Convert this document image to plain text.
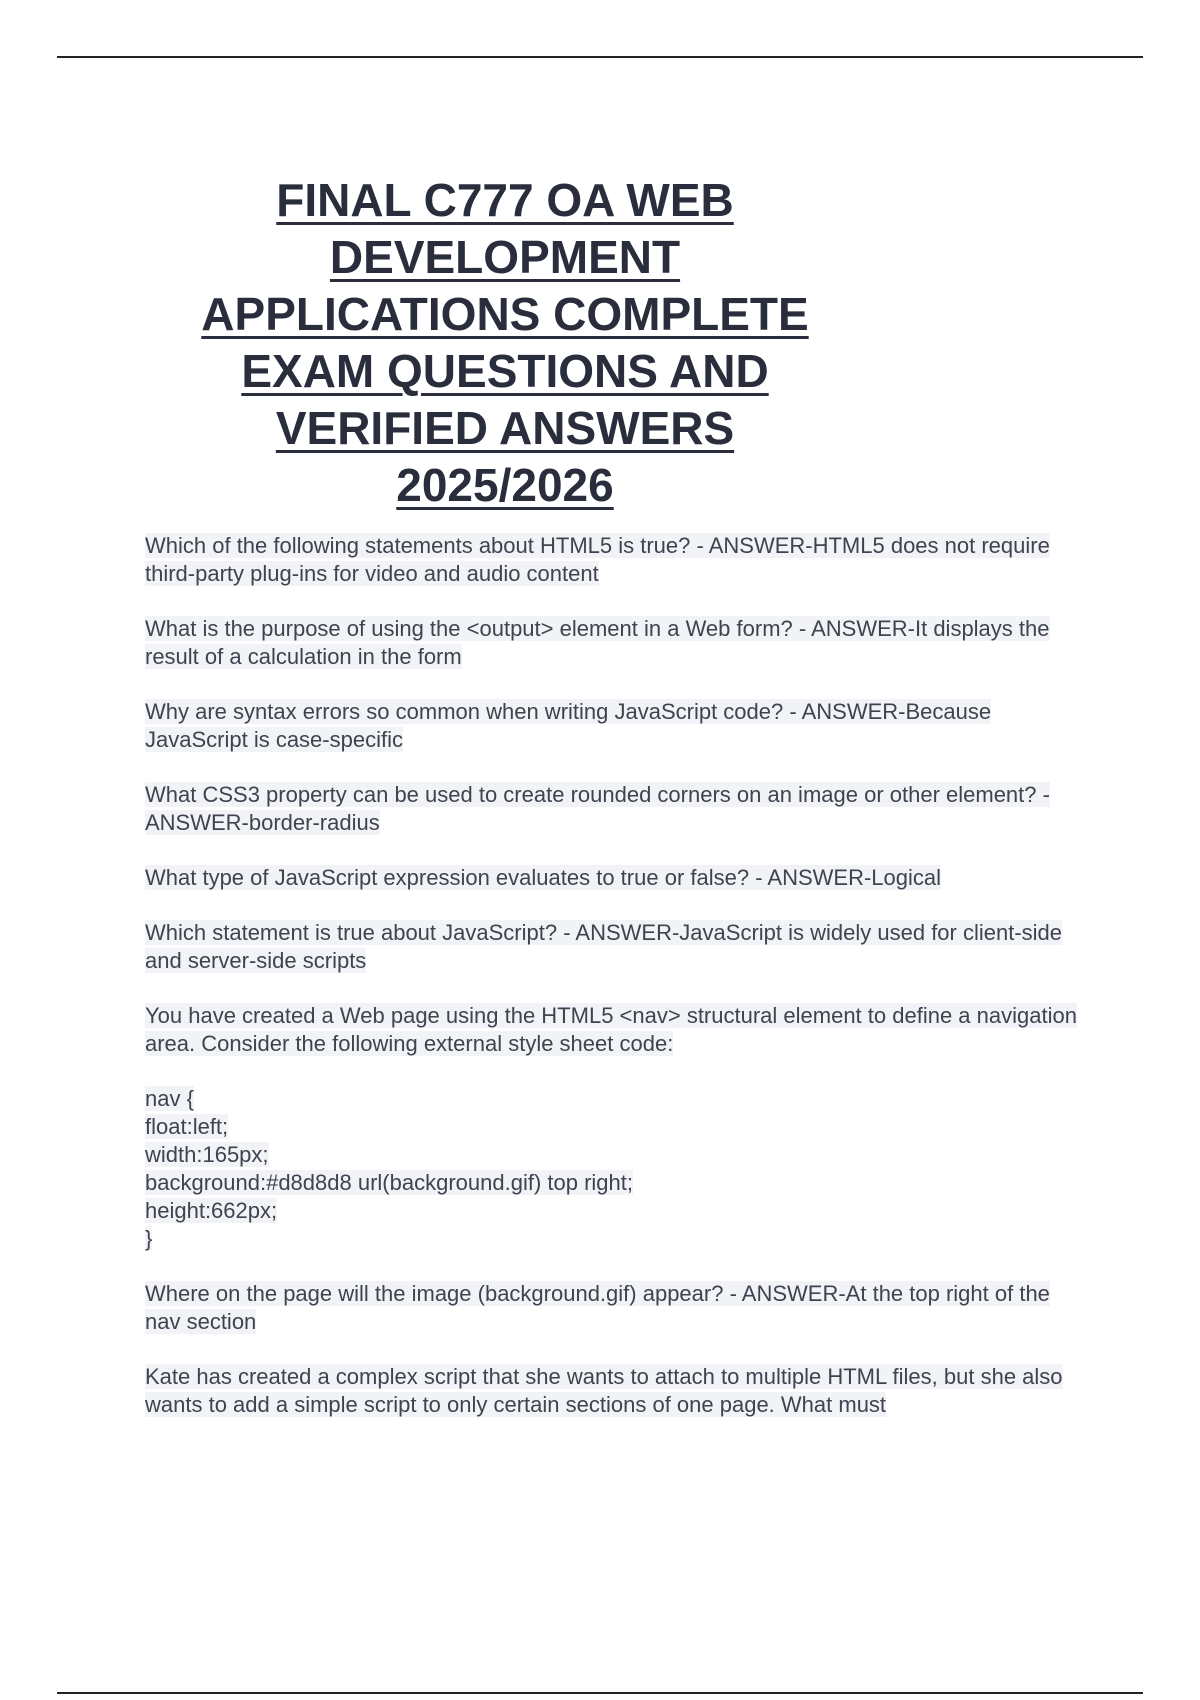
FINAL C777 OA WEB
DEVELOPMENT
APPLICATIONS COMPLETE
EXAM QUESTIONS AND
VERIFIED ANSWERS
2025/2026
Which of the following statements about HTML5 is true? - ANSWER-HTML5 does not require third-party plug-ins for video and audio content
What is the purpose of using the <output> element in a Web form? - ANSWER-It displays the result of a calculation in the form
Why are syntax errors so common when writing JavaScript code? - ANSWER-Because JavaScript is case-specific
What CSS3 property can be used to create rounded corners on an image or other element? - ANSWER-border-radius
What type of JavaScript expression evaluates to true or false? - ANSWER-Logical
Which statement is true about JavaScript? - ANSWER-JavaScript is widely used for client-side and server-side scripts
You have created a Web page using the HTML5 <nav> structural element to define a navigation area. Consider the following external style sheet code:
nav {
float:left;
width:165px;
background:#d8d8d8 url(background.gif) top right;
height:662px;
}
Where on the page will the image (background.gif) appear? - ANSWER-At the top right of the nav section
Kate has created a complex script that she wants to attach to multiple HTML files, but she also wants to add a simple script to only certain sections of one page. What must
